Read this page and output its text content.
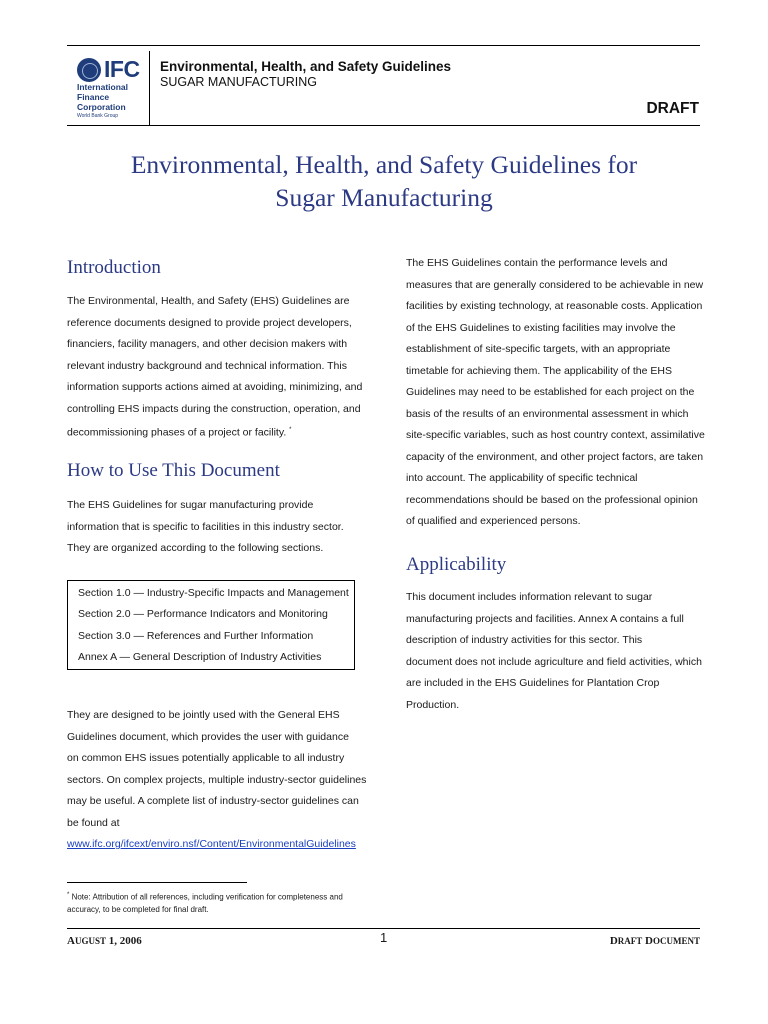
IFC
International
Finance
Corporation
World Bank Group
Environmental, Health, and Safety Guidelines
SUGAR MANUFACTURING
DRAFT
Environmental, Health, and Safety Guidelines for
Sugar Manufacturing
Introduction

The Environmental, Health, and Safety (EHS) Guidelines are

reference documents designed to provide project developers,

financiers, facility managers, and other decision makers with

relevant industry background and technical information. This

information supports actions aimed at avoiding, minimizing, and

controlling EHS impacts during the construction, operation, and

decommissioning phases of a project or facility. *

How to Use This Document

The EHS Guidelines for sugar manufacturing provide

information that is specific to facilities in this industry sector.

They are organized according to the following sections.

Section 1.0 — Industry-Specific Impacts and Management
Section 2.0 — Performance Indicators and Monitoring
Section 3.0 — References and Further Information
Annex A — General Description of Industry Activities

They are designed to be jointly used with the General EHS

Guidelines document, which provides the user with guidance

on common EHS issues potentially applicable to all industry

sectors. On complex projects, multiple industry-sector guidelines

may be useful. A complete list of industry-sector guidelines can

be found at

www.ifc.org/ifcext/enviro.nsf/Content/EnvironmentalGuidelines

The EHS Guidelines contain the performance levels and

measures that are generally considered to be achievable in new

facilities by existing technology, at reasonable costs. Application

of the EHS Guidelines to existing facilities may involve the

establishment of site-specific targets, with an appropriate

timetable for achieving them. The applicability of the EHS

Guidelines may need to be established for each project on the

basis of the results of an environmental assessment in which

site-specific variables, such as host country context, assimilative

capacity of the environment, and other project factors, are taken

into account. The applicability of specific technical

recommendations should be based on the professional opinion

of qualified and experienced persons.

Applicability

This document includes information relevant to sugar

manufacturing projects and facilities. Annex A contains a full

description of industry activities for this sector. This

document does not include agriculture and field activities, which

are included in the EHS Guidelines for Plantation Crop

Production.

* Note: Attribution of all references, including verification for completeness and accuracy, to be completed for final draft.
AUGUST 1, 2006	1	DRAFT DOCUMENT
